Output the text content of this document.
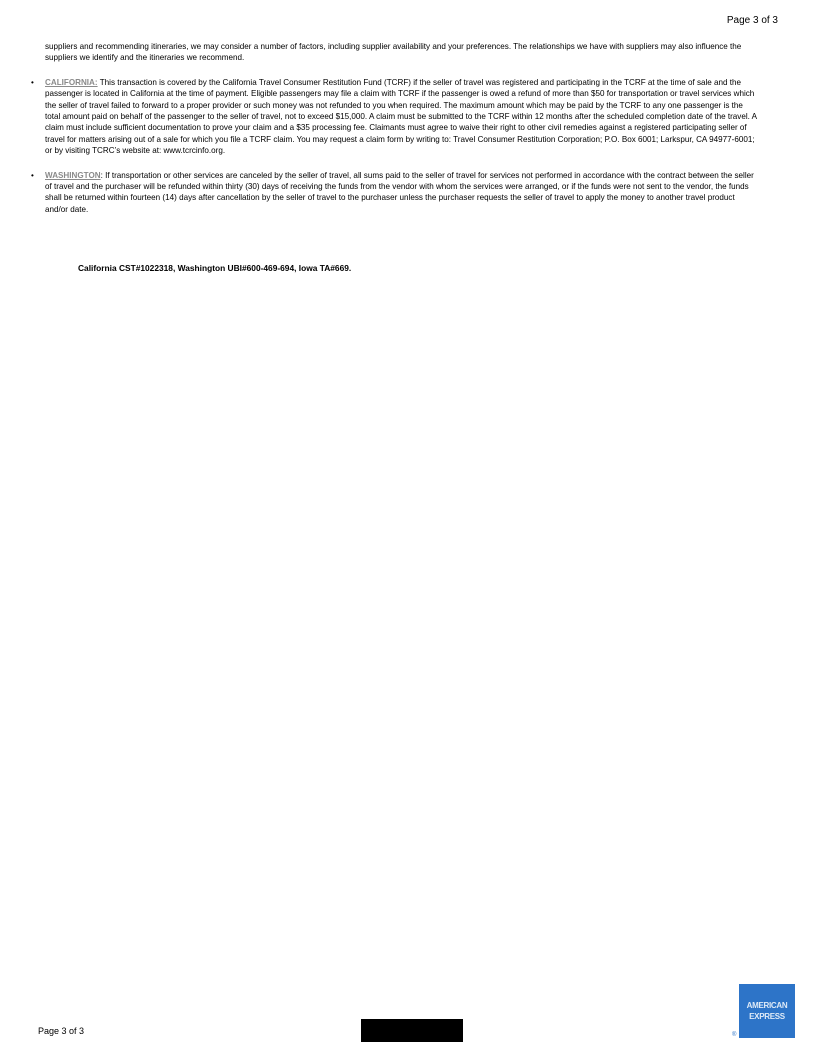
Page 3 of 3

suppliers and recommending itineraries, we may consider a number of factors, including supplier availability and your preferences. The relationships we have with suppliers may also influence the suppliers we identify and the itineraries we recommend.

•	CALIFORNIA: This transaction is covered by the California Travel Consumer Restitution Fund (TCRF) if the seller of travel was registered and participating in the TCRF at the time of sale and the passenger is located in California at the time of payment. Eligible passengers may file a claim with TCRF if the passenger is owed a refund of more than $50 for transportation or travel services which the seller of travel failed to forward to a proper provider or such money was not refunded to you when required. The maximum amount which may be paid by the TCRF to any one passenger is the total amount paid on behalf of the passenger to the seller of travel, not to exceed $15,000. A claim must be submitted to the TCRF within 12 months after the scheduled completion date of the travel. A claim must include sufficient documentation to prove your claim and a $35 processing fee. Claimants must agree to waive their right to other civil remedies against a registered participating seller of travel for matters arising out of a sale for which you file a TCRF claim. You may request a claim form by writing to: Travel Consumer Restitution Corporation; P.O. Box 6001; Larkspur, CA 94977-6001; or by visiting TCRC’s website at: www.tcrcinfo.org.
•	WASHINGTON: If transportation or other services are canceled by the seller of travel, all sums paid to the seller of travel for services not performed in accordance with the contract between the seller of travel and the purchaser will be refunded within thirty (30) days of receiving the funds from the vendor with whom the services were arranged, or if the funds were not sent to the vendor, the funds shall be returned within fourteen (14) days after cancellation by the seller of travel to the purchaser unless the purchaser requests the seller of travel to apply the money to another travel product and/or date.
California CST#1022318, Washington UBI#600-469-694, Iowa TA#669.
Page 3 of 3
AMERICAN
EXPRESS
®
